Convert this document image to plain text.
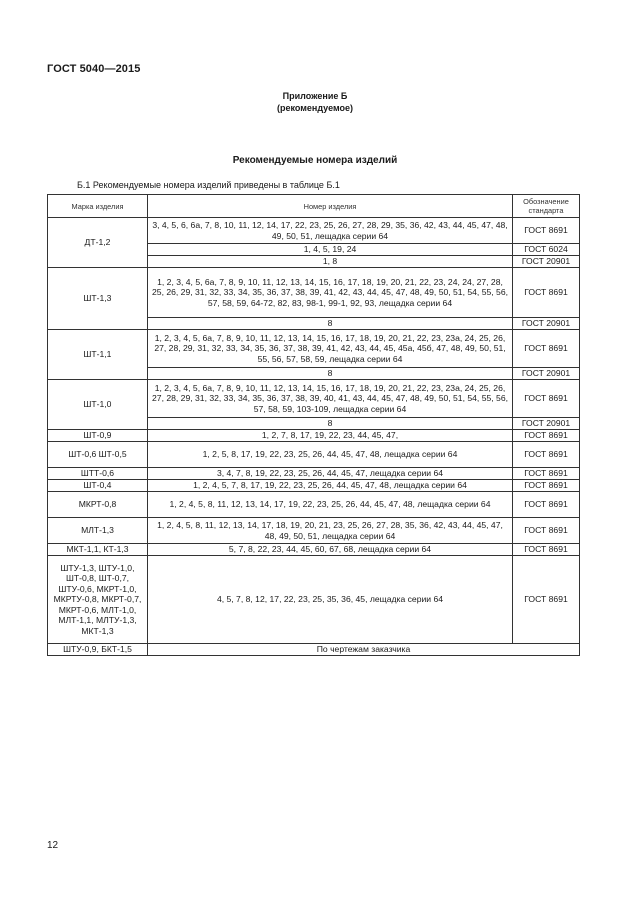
ГОСТ 5040—2015
Приложение Б
(рекомендуемое)
Рекомендуемые номера изделий
Б.1 Рекомендуемые номера изделий приведены в таблице Б.1
Марка изделия	Номер изделия	Обозначение стандарта
ДТ-1,2	3, 4, 5, 6, 6а, 7, 8, 10, 11, 12, 14, 17, 22, 23, 25, 26, 27, 28, 29, 35, 36, 42, 43, 44, 45, 47, 48, 49, 50, 51, лещадка серии 64	ГОСТ 8691
	1, 4, 5, 19, 24	ГОСТ 6024
	1, 8	ГОСТ 20901
ШТ-1,3	1, 2, 3, 4, 5, 6а, 7, 8, 9, 10, 11, 12, 13, 14, 15, 16, 17, 18, 19, 20, 21, 22, 23, 24, 24, 27, 28, 25, 26, 29, 31, 32, 33, 34, 35, 36, 37, 38, 39, 41, 42, 43, 44, 45, 47, 48, 49, 50, 51, 54, 55, 56, 57, 58, 59, 64-72, 82, 83, 98-1, 99-1, 92, 93, лещадка серии 64	ГОСТ 8691
	8	ГОСТ 20901
ШТ-1,1	1, 2, 3, 4, 5, 6а, 7, 8, 9, 10, 11, 12, 13, 14, 15, 16, 17, 18, 19, 20, 21, 22, 23, 23а, 24, 25, 26, 27, 28, 29, 31, 32, 33, 34, 35, 36, 37, 38, 39, 41, 42, 43, 44, 45, 45а, 45б, 47, 48, 49, 50, 51, 55, 56, 57, 58, 59, лещадка серии 64	ГОСТ 8691
	8	ГОСТ 20901
ШТ-1,0	1, 2, 3, 4, 5, 6а, 7, 8, 9, 10, 11, 12, 13, 14, 15, 16, 17, 18, 19, 20, 21, 22, 23, 23а, 24, 25, 26, 27, 28, 29, 31, 32, 33, 34, 35, 36, 37, 38, 39, 40, 41, 43, 44, 45, 47, 48, 49, 50, 51, 54, 55, 56, 57, 58, 59, 103-109, лещадка серии 64	ГОСТ 8691
	8	ГОСТ 20901
ШТ-0,9	1, 2, 7, 8, 17, 19, 22, 23, 44, 45, 47,	ГОСТ 8691
ШТ-0,6 ШТ-0,5	1, 2, 5, 8, 17, 19, 22, 23, 25, 26, 44, 45, 47, 48, лещадка серии 64	ГОСТ 8691
ШТТ-0,6	3, 4, 7, 8, 19, 22, 23, 25, 26, 44, 45, 47, лещадка серии 64	ГОСТ 8691
ШТ-0,4	1, 2, 4, 5, 7, 8, 17, 19, 22, 23, 25, 26, 44, 45, 47, 48, лещадка серии 64	ГОСТ 8691
МКРТ-0,8	1, 2, 4, 5, 8, 11, 12, 13, 14, 17, 19, 22, 23, 25, 26, 44, 45, 47, 48, лещадка серии 64	ГОСТ 8691
МЛТ-1,3	1, 2, 4, 5, 8, 11, 12, 13, 14, 17, 18, 19, 20, 21, 23, 25, 26, 27, 28, 35, 36, 42, 43, 44, 45, 47, 48, 49, 50, 51, лещадка серии 64	ГОСТ 8691
МКТ-1,1, КТ-1,3	5, 7, 8, 22, 23, 44, 45, 60, 67, 68, лещадка серии 64	ГОСТ 8691
ШТУ-1,3, ШТУ-1,0, ШТ-0,8, ШТ-0,7, ШТУ-0,6, МКРТ-1,0, МКРТУ-0,8, МКРТ-0,7, МКРТ-0,6, МЛТ-1,0, МЛТ-1,1, МЛТУ-1,3, МКТ-1,3	4, 5, 7, 8, 12, 17, 22, 23, 25, 35, 36, 45, лещадка серии 64	ГОСТ 8691
ШТУ-0,9, БКТ-1,5	По чертежам заказчика	
12
